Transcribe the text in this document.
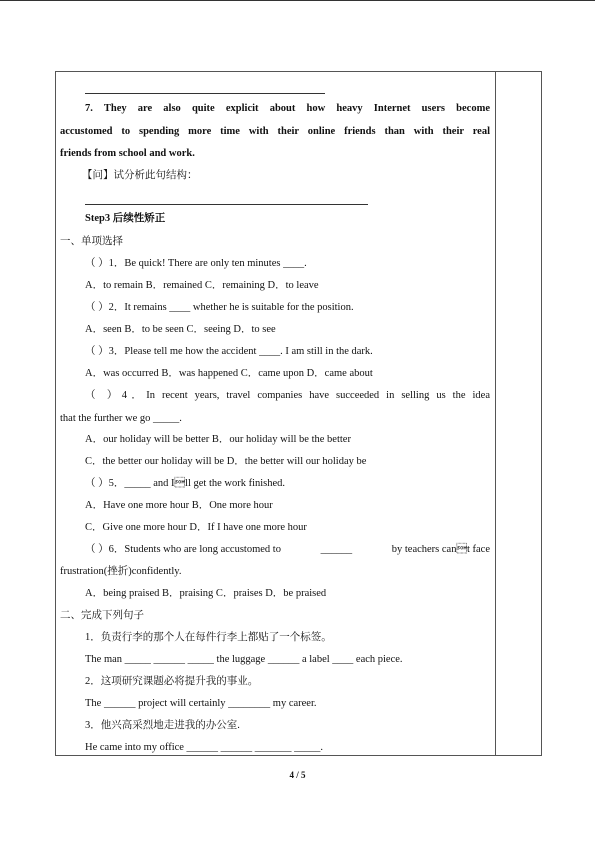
7. They are also quite explicit about how heavy Internet users become
accustomed to spending more time with their online friends than with their real
friends from school and work.
【问】试分析此句结构：
Step3 后续性矫正
一、单项选择
（ ）1．Be quick! There are only ten minutes ____.
A．to remain B．remained C．remaining D．to leave
（ ）2．It remains ____ whether he is suitable for the position.
A．seen B．to be seen C．seeing D．to see
（ ）3．Please tell me how the accident ____. I am still in the dark.
A．was occurred B．was happened C．came upon D．came about
（ ）4．In recent years, travel companies have succeeded in selling us the idea
that the further we go _____.
A．our holiday will be better B．our holiday will be the better
C．the better our holiday will be D．the better will our holiday be
（ ）5．_____ and Ill get the work finished.
A．Have one more hour B．One more hour
C．Give one more hour D．If I have one more hour
（ ）6．Students who are long accustomed to	______	by teachers cant face
frustration(挫折)confidently.
A．being praised B．praising C．praises D．be praised
二、完成下列句子
1．负责行李的那个人在每件行李上都贴了一个标签。
The man _____ ______ _____ the luggage ______ a label ____ each piece.
2．这项研究课题必将提升我的事业。
The ______ project will certainly ________ my career.
3．他兴高采烈地走进我的办公室.
He came into my office ______ ______ _______ _____.
4 / 5
